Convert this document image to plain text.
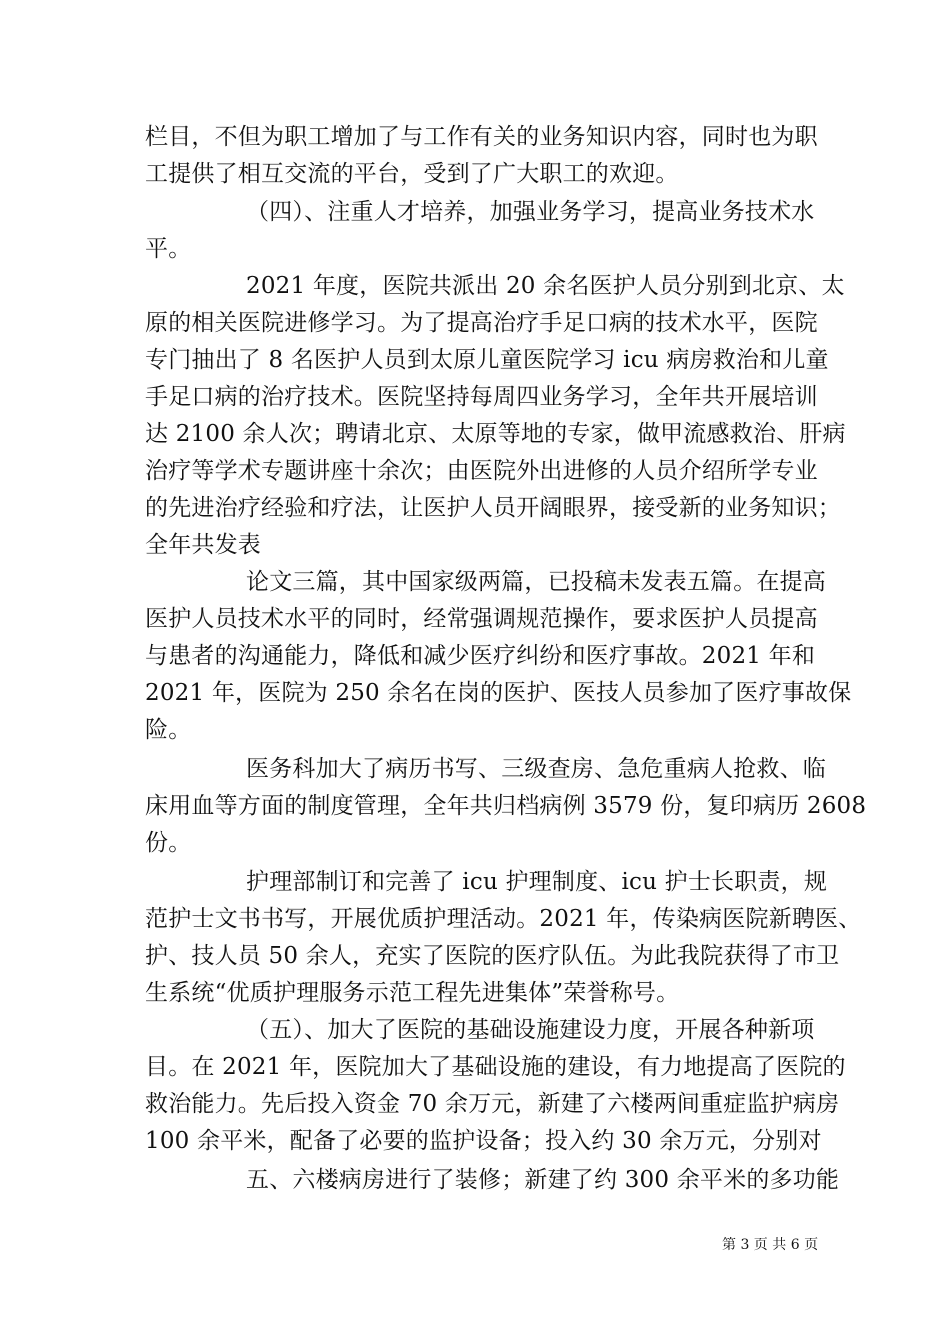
栏目，不但为职工增加了与工作有关的业务知识内容，同时也为职
工提供了相互交流的平台，受到了广大职工的欢迎。
（四）、注重人才培养，加强业务学习，提高业务技术水
平。
2021 年度，医院共派出 20 余名医护人员分别到北京、太
原的相关医院进修学习。为了提高治疗手足口病的技术水平，医院
专门抽出了 8 名医护人员到太原儿童医院学习 icu 病房救治和儿童
手足口病的治疗技术。医院坚持每周四业务学习，全年共开展培训
达 2100 余人次；聘请北京、太原等地的专家，做甲流感救治、肝病
治疗等学术专题讲座十余次；由医院外出进修的人员介绍所学专业
的先进治疗经验和疗法，让医护人员开阔眼界，接受新的业务知识；
全年共发表
论文三篇，其中国家级两篇，已投稿未发表五篇。在提高
医护人员技术水平的同时，经常强调规范操作，要求医护人员提高
与患者的沟通能力，降低和减少医疗纠纷和医疗事故。2021 年和
2021 年，医院为 250 余名在岗的医护、医技人员参加了医疗事故保
险。
医务科加大了病历书写、三级查房、急危重病人抢救、临
床用血等方面的制度管理，全年共归档病例 3579 份，复印病历 2608
份。
护理部制订和完善了 icu 护理制度、icu 护士长职责，规
范护士文书书写，开展优质护理活动。2021 年，传染病医院新聘医、
护、技人员 50 余人，充实了医院的医疗队伍。为此我院获得了市卫
生系统“优质护理服务示范工程先进集体”荣誉称号。
（五）、加大了医院的基础设施建设力度，开展各种新项
目。在 2021 年，医院加大了基础设施的建设，有力地提高了医院的
救治能力。先后投入资金 70 余万元，新建了六楼两间重症监护病房
100 余平米，配备了必要的监护设备；投入约 30 余万元，分别对
五、六楼病房进行了装修；新建了约 300 余平米的多功能
第 3 页 共 6 页
